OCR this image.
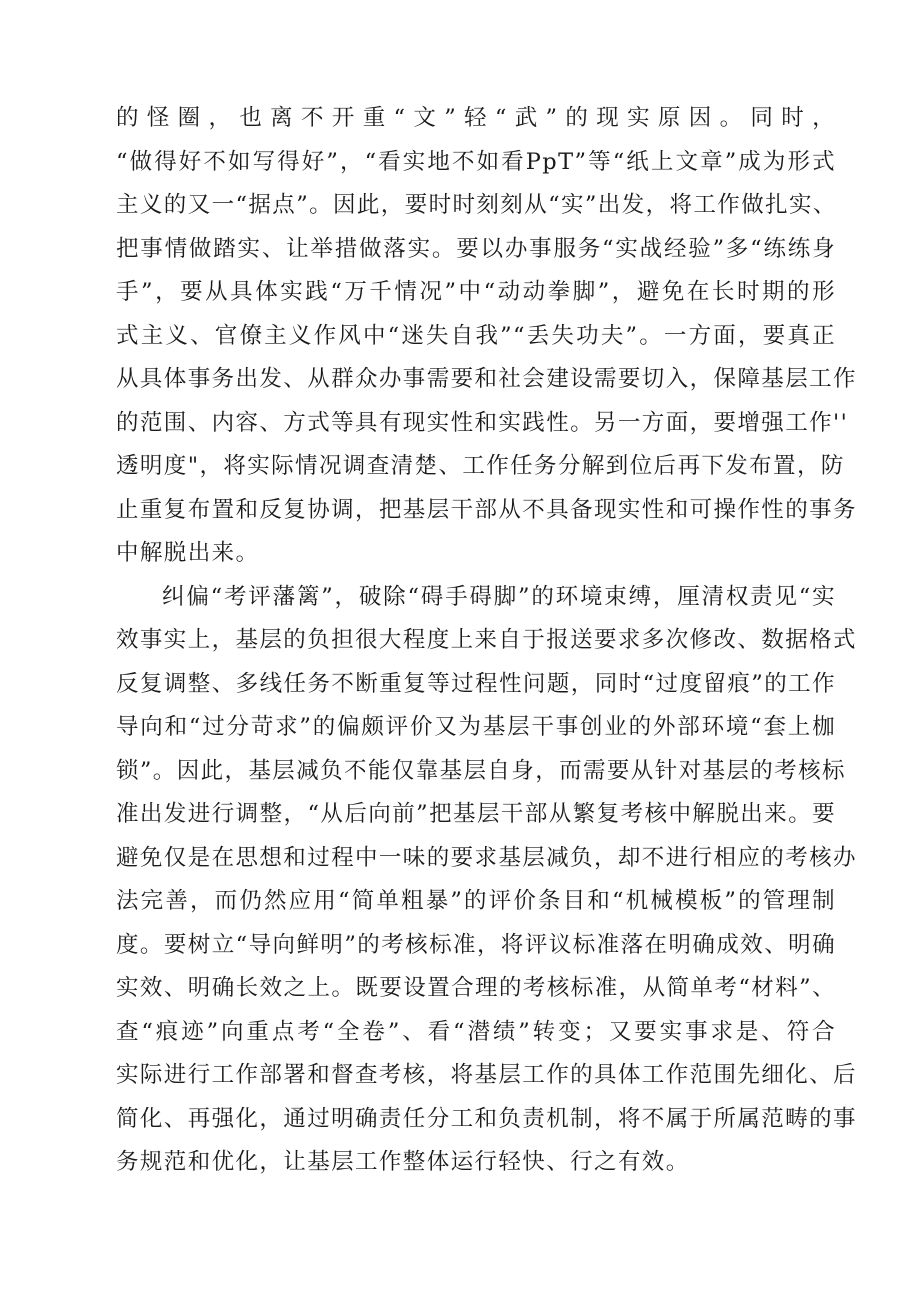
的怪圈，也离不开重“文”轻“武”的现实原因。同时，
“做得好不如写得好”，“看实地不如看PpT”等“纸上文章”成为形式
主义的又一“据点”。因此，要时时刻刻从“实”出发，将工作做扎实、
把事情做踏实、让举措做落实。要以办事服务“实战经验”多“练练身
手”，要从具体实践“万千情况”中“动动拳脚”，避免在长时期的形
式主义、官僚主义作风中“迷失自我”“丢失功夫”。一方面，要真正
从具体事务出发、从群众办事需要和社会建设需要切入，保障基层工作
的范围、内容、方式等具有现实性和实践性。另一方面，要增强工作''
透明度"，将实际情况调查清楚、工作任务分解到位后再下发布置，防
止重复布置和反复协调，把基层干部从不具备现实性和可操作性的事务
中解脱出来。
纠偏“考评藩篱”，破除“碍手碍脚”的环境束缚，厘清权责见“实
效事实上，基层的负担很大程度上来自于报送要求多次修改、数据格式
反复调整、多线任务不断重复等过程性问题，同时“过度留痕”的工作
导向和“过分苛求”的偏颇评价又为基层干事创业的外部环境“套上枷
锁”。因此，基层减负不能仅靠基层自身，而需要从针对基层的考核标
准出发进行调整，“从后向前”把基层干部从繁复考核中解脱出来。要
避免仅是在思想和过程中一味的要求基层减负，却不进行相应的考核办
法完善，而仍然应用“简单粗暴”的评价条目和“机械模板”的管理制
度。要树立“导向鲜明”的考核标准，将评议标准落在明确成效、明确
实效、明确长效之上。既要设置合理的考核标准，从简单考“材料”、
查“痕迹”向重点考“全卷”、看“潜绩”转变；又要实事求是、符合
实际进行工作部署和督查考核，将基层工作的具体工作范围先细化、后
简化、再强化，通过明确责任分工和负责机制，将不属于所属范畴的事
务规范和优化，让基层工作整体运行轻快、行之有效。
